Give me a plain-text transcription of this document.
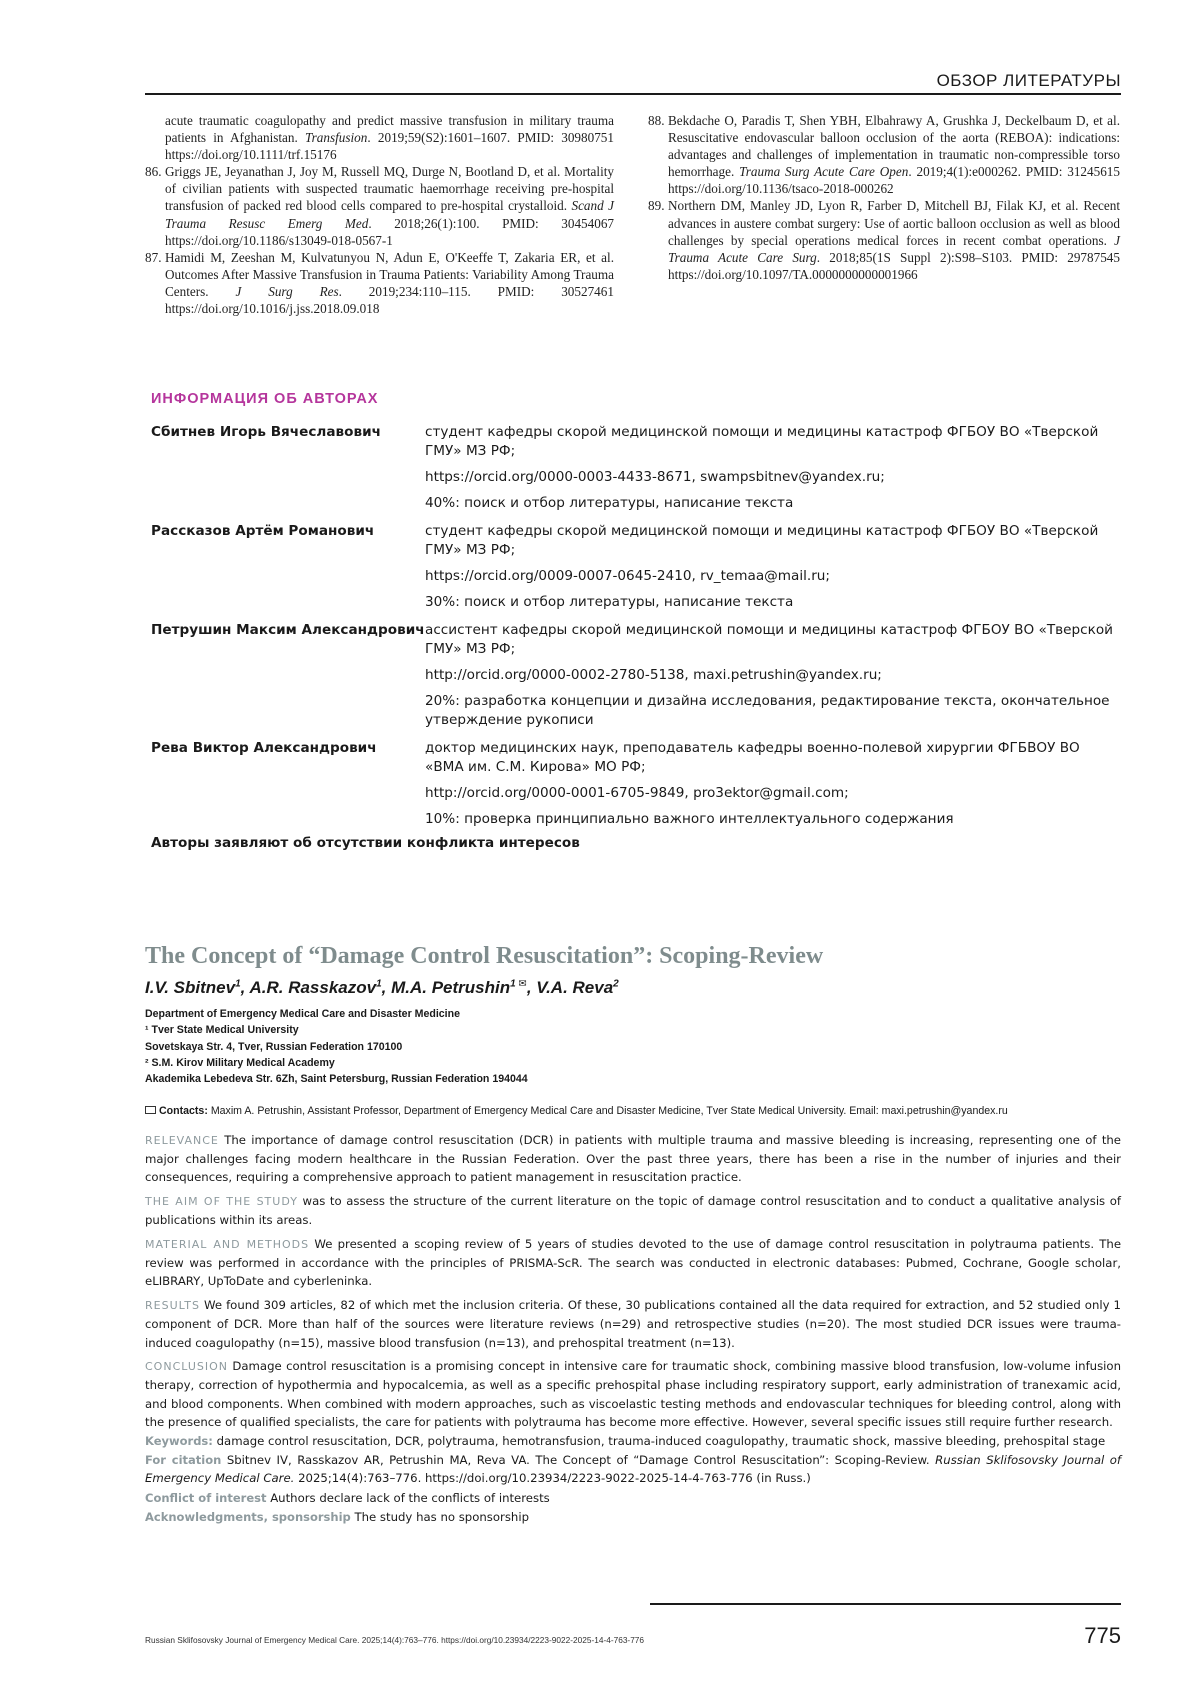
ОБЗОР ЛИТЕРАТУРЫ
acute traumatic coagulopathy and predict massive transfusion in military trauma patients in Afghanistan. Transfusion. 2019;59(S2):1601–1607. PMID: 30980751 https://doi.org/10.1111/trf.15176
86. Griggs JE, Jeyanathan J, Joy M, Russell MQ, Durge N, Bootland D, et al. Mortality of civilian patients with suspected traumatic haemorrhage receiving pre-hospital transfusion of packed red blood cells compared to pre-hospital crystalloid. Scand J Trauma Resusc Emerg Med. 2018;26(1):100. PMID: 30454067 https://doi.org/10.1186/s13049-018-0567-1
87. Hamidi M, Zeeshan M, Kulvatunyou N, Adun E, O'Keeffe T, Zakaria ER, et al. Outcomes After Massive Transfusion in Trauma Patients: Variability Among Trauma Centers. J Surg Res. 2019;234:110–115. PMID: 30527461 https://doi.org/10.1016/j.jss.2018.09.018
88. Bekdache O, Paradis T, Shen YBH, Elbahrawy A, Grushka J, Deckelbaum D, et al. Resuscitative endovascular balloon occlusion of the aorta (REBOA): indications: advantages and challenges of implementation in traumatic non-compressible torso hemorrhage. Trauma Surg Acute Care Open. 2019;4(1):e000262. PMID: 31245615 https://doi.org/10.1136/tsaco-2018-000262
89. Northern DM, Manley JD, Lyon R, Farber D, Mitchell BJ, Filak KJ, et al. Recent advances in austere combat surgery: Use of aortic balloon occlusion as well as blood challenges by special operations medical forces in recent combat operations. J Trauma Acute Care Surg. 2018;85(1S Suppl 2):S98–S103. PMID: 29787545 https://doi.org/10.1097/TA.0000000000001966
ИНФОРМАЦИЯ ОБ АВТОРАХ
Сбитнев Игорь Вячеславович	студент кафедры скорой медицинской помощи и медицины катастроф ФГБОУ ВО «Тверской ГМУ» МЗ РФ;

https://orcid.org/0000-0003-4433-8671, swampsbitnev@yandex.ru;

40%: поиск и отбор литературы, написание текста

Рассказов Артём Романович	студент кафедры скорой медицинской помощи и медицины катастроф ФГБОУ ВО «Тверской ГМУ» МЗ РФ;

https://orcid.org/0009-0007-0645-2410, rv_temaa@mail.ru;

30%: поиск и отбор литературы, написание текста

Петрушин Максим Александрович ассистент кафедры скорой медицинской помощи и медицины катастроф ФГБОУ ВО «Тверской ГМУ» МЗ РФ;

http://orcid.org/0000-0002-2780-5138, maxi.petrushin@yandex.ru;

20%: разработка концепции и дизайна исследования, редактирование текста, окончательное утверждение рукописи

Рева Виктор Александрович	доктор медицинских наук, преподаватель кафедры военно-полевой хирургии ФГБВОУ ВО «ВМА им. С.М. Кирова» МО РФ;

http://orcid.org/0000-0001-6705-9849, pro3ektor@gmail.com;

10%: проверка принципиально важного интеллектуального содержания

Авторы заявляют об отсутствии конфликта интересов
The Concept of “Damage Control Resuscitation”: Scoping-Review
I.V. Sbitnev$^1$, A.R. Rasskazov$^1$, M.A. Petrushin$^{1 ✉}$, V.A. Reva$^2$
Department of Emergency Medical Care and Disaster Medicine
¹ Tver State Medical University
Sovetskaya Str. 4, Tver, Russian Federation 170100
² S.M. Kirov Military Medical Academy
Akademika Lebedeva Str. 6Zh, Saint Petersburg, Russian Federation 194044
Contacts: Maxim A. Petrushin, Assistant Professor, Department of Emergency Medical Care and Disaster Medicine, Tver State Medical University. Email: maxi.petrushin@yandex.ru

RELEVANCE The importance of damage control resuscitation (DCR) in patients with multiple trauma and massive bleeding is increasing, representing one of the major challenges facing modern healthcare in the Russian Federation. Over the past three years, there has been a rise in the number of injuries and their consequences, requiring a comprehensive approach to patient management in resuscitation practice.

THE AIM OF THE STUDY was to assess the structure of the current literature on the topic of damage control resuscitation and to conduct a qualitative analysis of publications within its areas.

MATERIAL AND METHODS We presented a scoping review of 5 years of studies devoted to the use of damage control resuscitation in polytrauma patients. The review was performed in accordance with the principles of PRISMA-ScR. The search was conducted in electronic databases: Pubmed, Cochrane, Google scholar, eLIBRARY, UpToDate and cyberleninka.

RESULTS We found 309 articles, 82 of which met the inclusion criteria. Of these, 30 publications contained all the data required for extraction, and 52 studied only 1 component of DCR. More than half of the sources were literature reviews (n=29) and retrospective studies (n=20). The most studied DCR issues were trauma-induced coagulopathy (n=15), massive blood transfusion (n=13), and prehospital treatment (n=13).

CONCLUSION Damage control resuscitation is a promising concept in intensive care for traumatic shock, combining massive blood transfusion, low-volume infusion therapy, correction of hypothermia and hypocalcemia, as well as a specific prehospital phase including respiratory support, early administration of tranexamic acid, and blood components. When combined with modern approaches, such as viscoelastic testing methods and endovascular techniques for bleeding control, along with the presence of qualified specialists, the care for patients with polytrauma has become more effective. However, several specific issues still require further research.

Keywords: damage control resuscitation, DCR, polytrauma, hemotransfusion, trauma-induced coagulopathy, traumatic shock, massive bleeding, prehospital stage

For citation Sbitnev IV, Rasskazov AR, Petrushin MA, Reva VA. The Concept of “Damage Control Resuscitation”: Scoping-Review. Russian Sklifosovsky Journal of Emergency Medical Care. 2025;14(4):763–776. https://doi.org/10.23934/2223-9022-2025-14-4-763-776 (in Russ.)

Conflict of interest Authors declare lack of the conflicts of interests

Acknowledgments, sponsorship The study has no sponsorship

Russian Sklifosovsky Journal of Emergency Medical Care. 2025;14(4):763–776. https://doi.org/10.23934/2223-9022-2025-14-4-763-776	775
